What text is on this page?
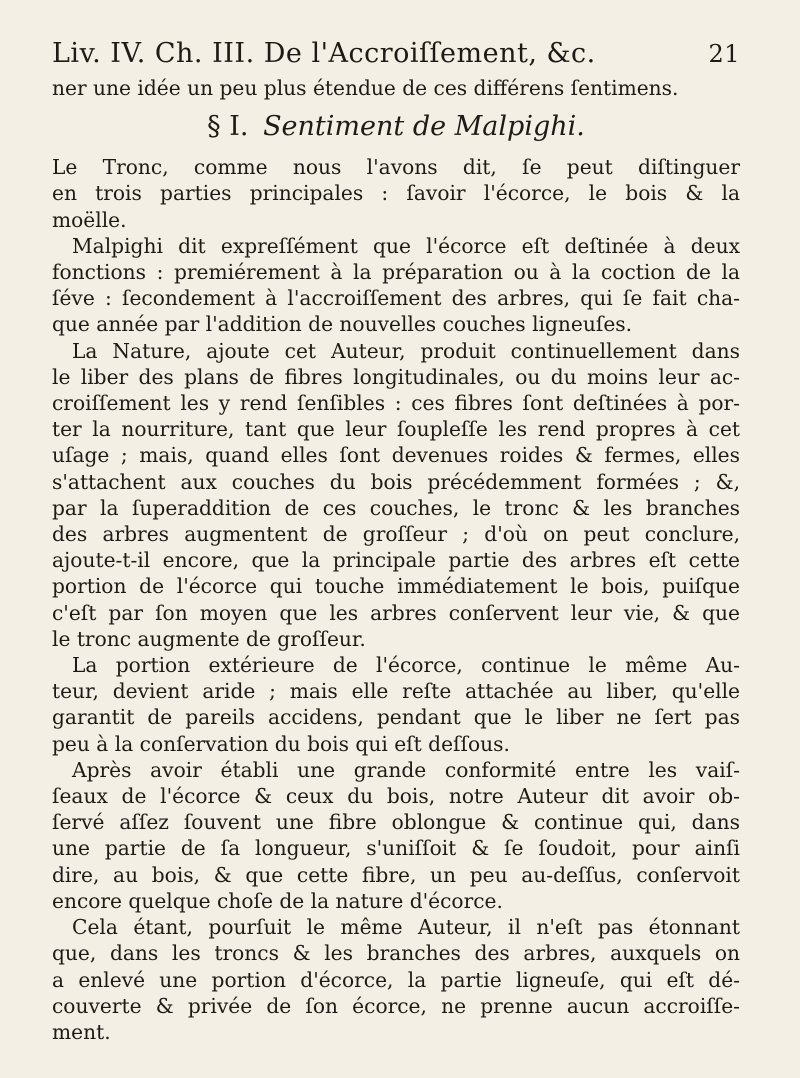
Liv. IV. Ch. III. De l'Accroiſſement, &c.	21
ner une idée un peu plus étendue de ces différens ſentimens.
§ I. Sentiment de Malpighi.
Le Tronc, comme nous l'avons dit, ſe peut diſtinguer
en trois parties principales : ſavoir l'écorce, le bois & la
moëlle.
Malpighi dit expreſſément que l'écorce eſt deſtinée à deux
fonctions : premiérement à la préparation ou à la coction de la
ſéve : ſecondement à l'accroiſſement des arbres, qui ſe fait cha-
que année par l'addition de nouvelles couches ligneuſes.
La Nature, ajoute cet Auteur, produit continuellement dans
le liber des plans de fibres longitudinales, ou du moins leur ac-
croiſſement les y rend ſenſibles : ces fibres ſont deſtinées à por-
ter la nourriture, tant que leur ſoupleſſe les rend propres à cet
uſage ; mais, quand elles ſont devenues roides & fermes, elles
s'attachent aux couches du bois précédemment formées ; &,
par la ſuperaddition de ces couches, le tronc & les branches
des arbres augmentent de groſſeur ; d'où on peut conclure,
ajoute-t-il encore, que la principale partie des arbres eſt cette
portion de l'écorce qui touche immédiatement le bois, puiſque
c'eſt par ſon moyen que les arbres conſervent leur vie, & que
le tronc augmente de groſſeur.
La portion extérieure de l'écorce, continue le même Au-
teur, devient aride ; mais elle reſte attachée au liber, qu'elle
garantit de pareils accidens, pendant que le liber ne ſert pas
peu à la conſervation du bois qui eſt deſſous.
Après avoir établi une grande conformité entre les vaiſ-
ſeaux de l'écorce & ceux du bois, notre Auteur dit avoir ob-
ſervé aſſez ſouvent une fibre oblongue & continue qui, dans
une partie de ſa longueur, s'uniſſoit & ſe ſoudoit, pour ainſi
dire, au bois, & que cette fibre, un peu au-deſſus, conſervoit
encore quelque choſe de la nature d'écorce.
Cela étant, pourſuit le même Auteur, il n'eſt pas étonnant
que, dans les troncs & les branches des arbres, auxquels on
a enlevé une portion d'écorce, la partie ligneuſe, qui eſt dé-
couverte & privée de ſon écorce, ne prenne aucun accroiſſe-
ment.
